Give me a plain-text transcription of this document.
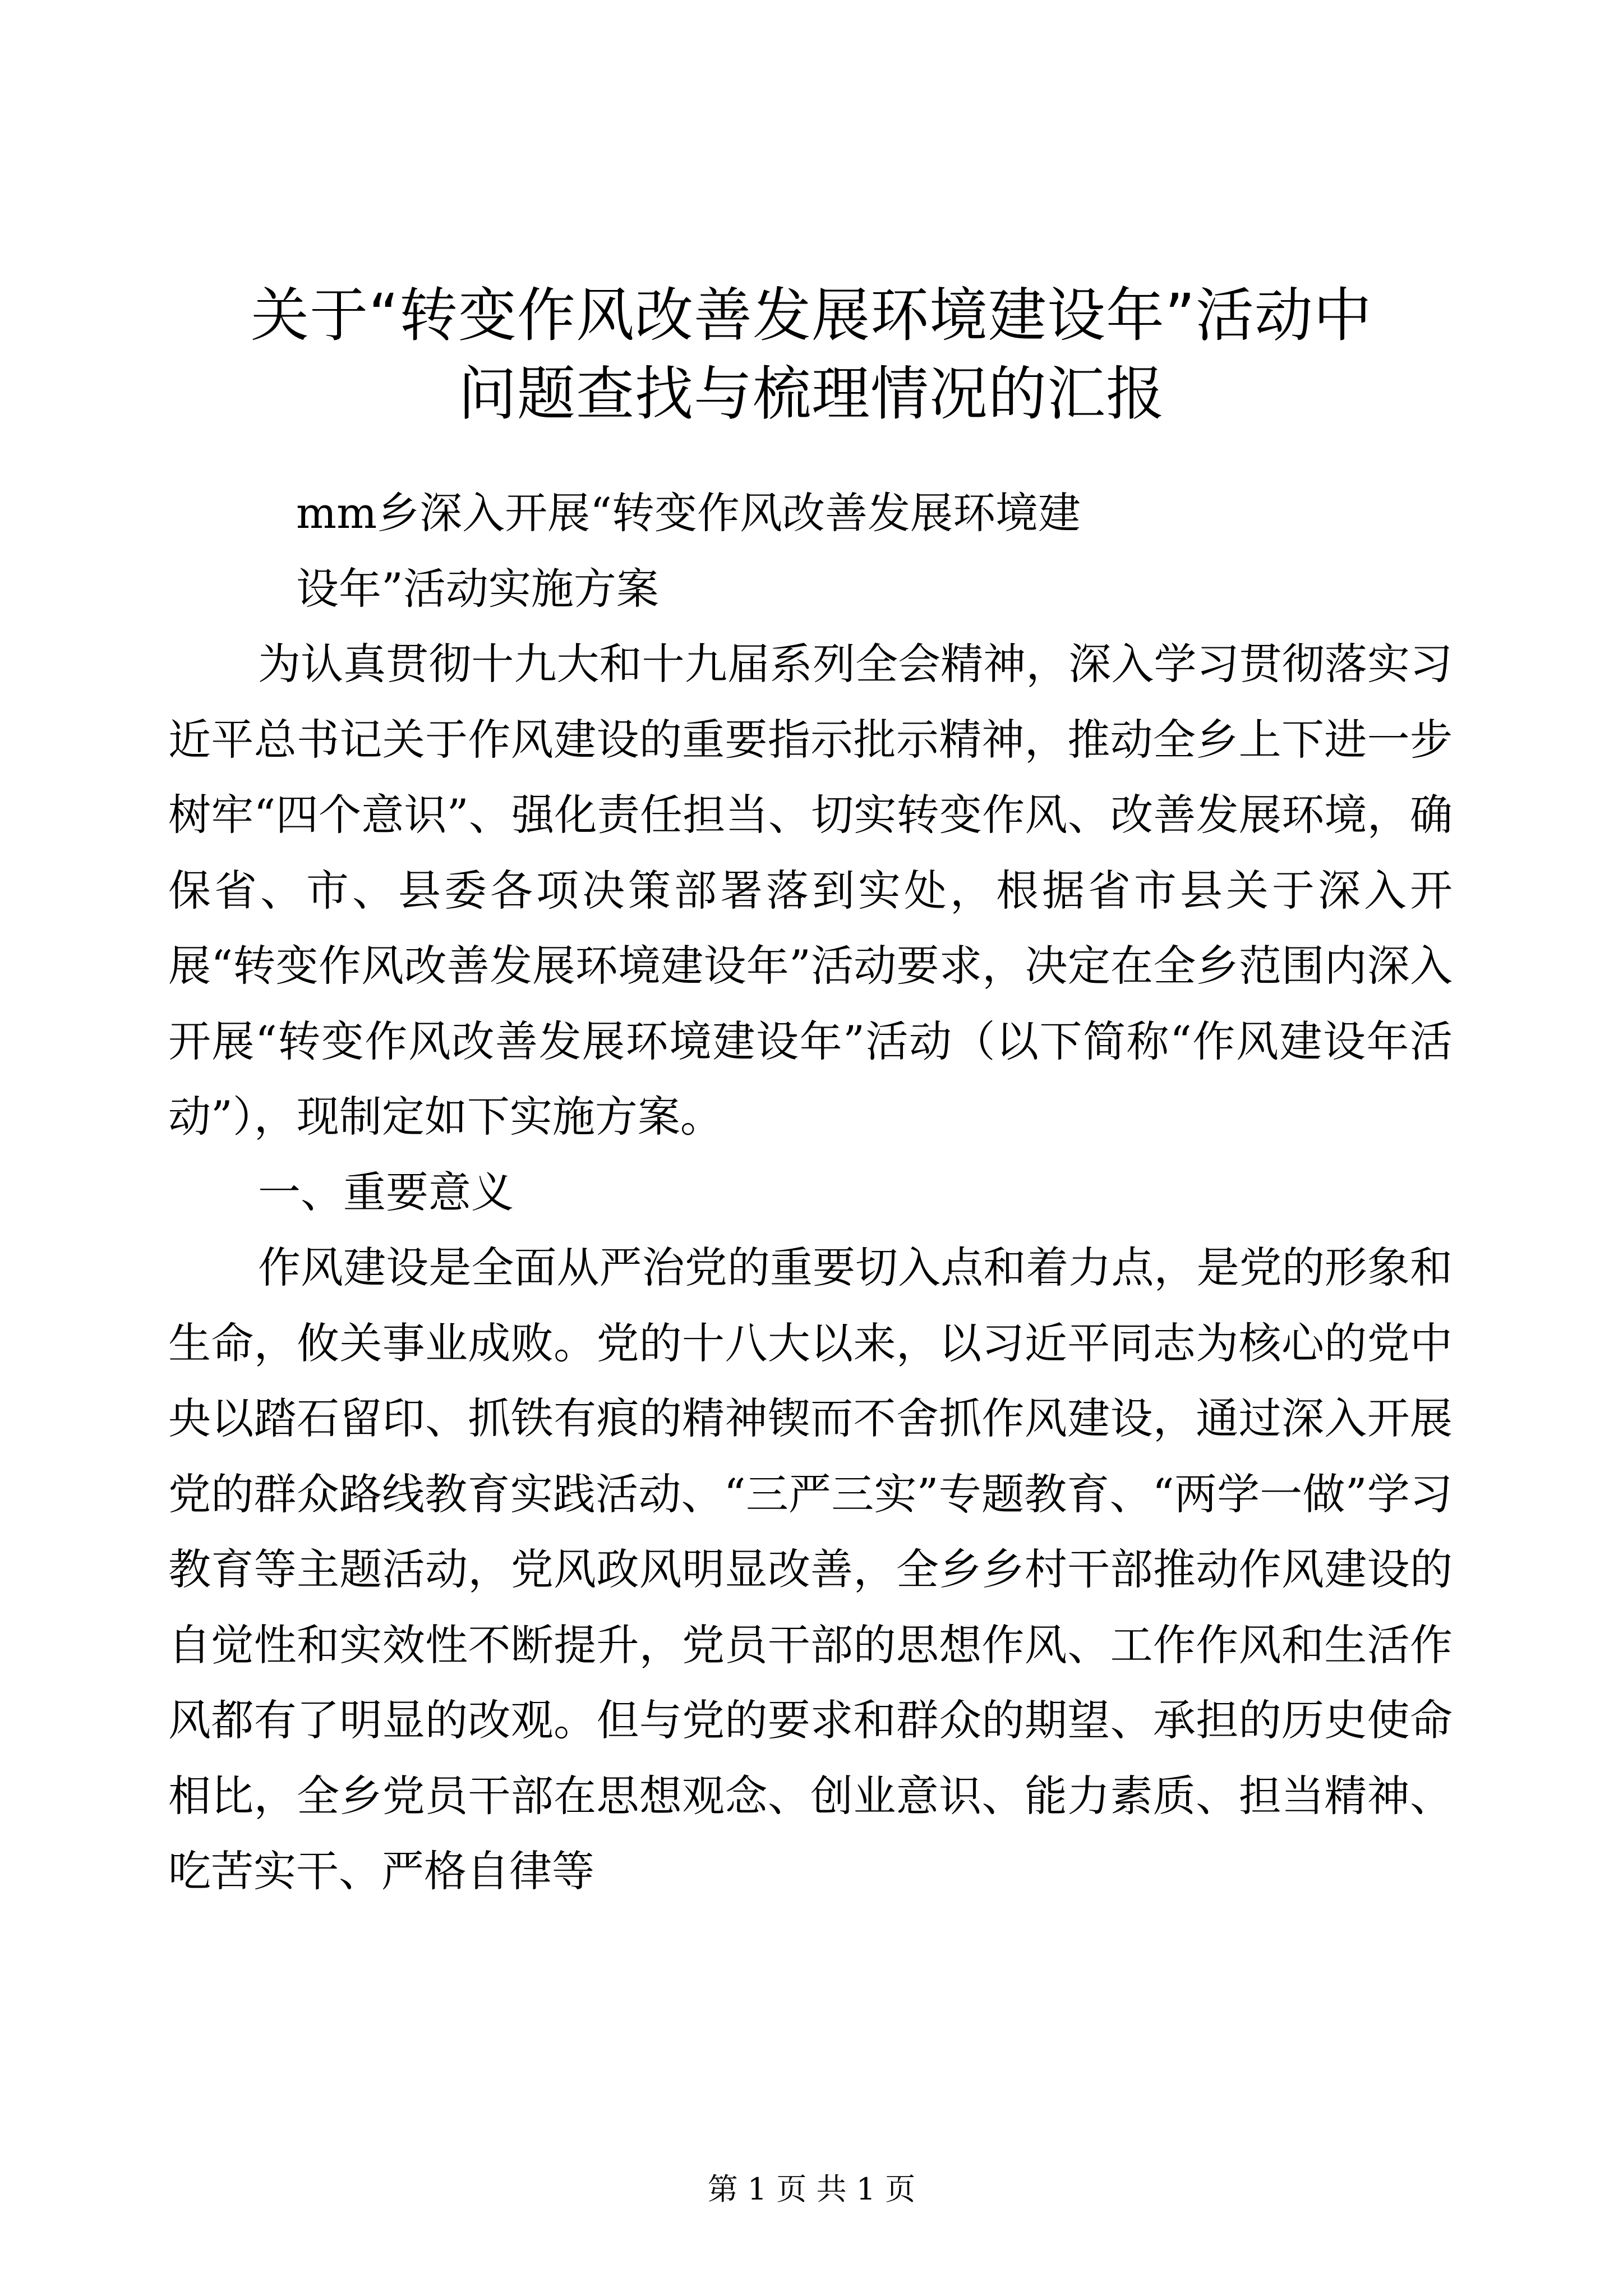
关于“转变作风改善发展环境建设年”活动中
问题查找与梳理情况的汇报
mm乡深入开展“转变作风改善发展环境建
设年”活动实施方案

为认真贯彻十九大和十九届系列全会精神，深入学习贯彻落实习近平总书记关于作风建设的重要指示批示精神，推动全乡上下进一步树牢“四个意识”、强化责任担当、切实转变作风、改善发展环境，确保省、市、县委各项决策部署落到实处，根据省市县关于深入开展“转变作风改善发展环境建设年”活动要求，决定在全乡范围内深入开展“转变作风改善发展环境建设年”活动（以下简称“作风建设年活动”），现制定如下实施方案。

一、重要意义

作风建设是全面从严治党的重要切入点和着力点，是党的形象和生命，攸关事业成败。党的十八大以来，以习近平同志为核心的党中央以踏石留印、抓铁有痕的精神锲而不舍抓作风建设，通过深入开展党的群众路线教育实践活动、“三严三实”专题教育、“两学一做”学习教育等主题活动，党风政风明显改善，全乡乡村干部推动作风建设的自觉性和实效性不断提升，党员干部的思想作风、工作作风和生活作风都有了明显的改观。但与党的要求和群众的期望、承担的历史使命相比，全乡党员干部在思想观念、创业意识、能力素质、担当精神、吃苦实干、严格自律等

第 1 页 共 1 页
